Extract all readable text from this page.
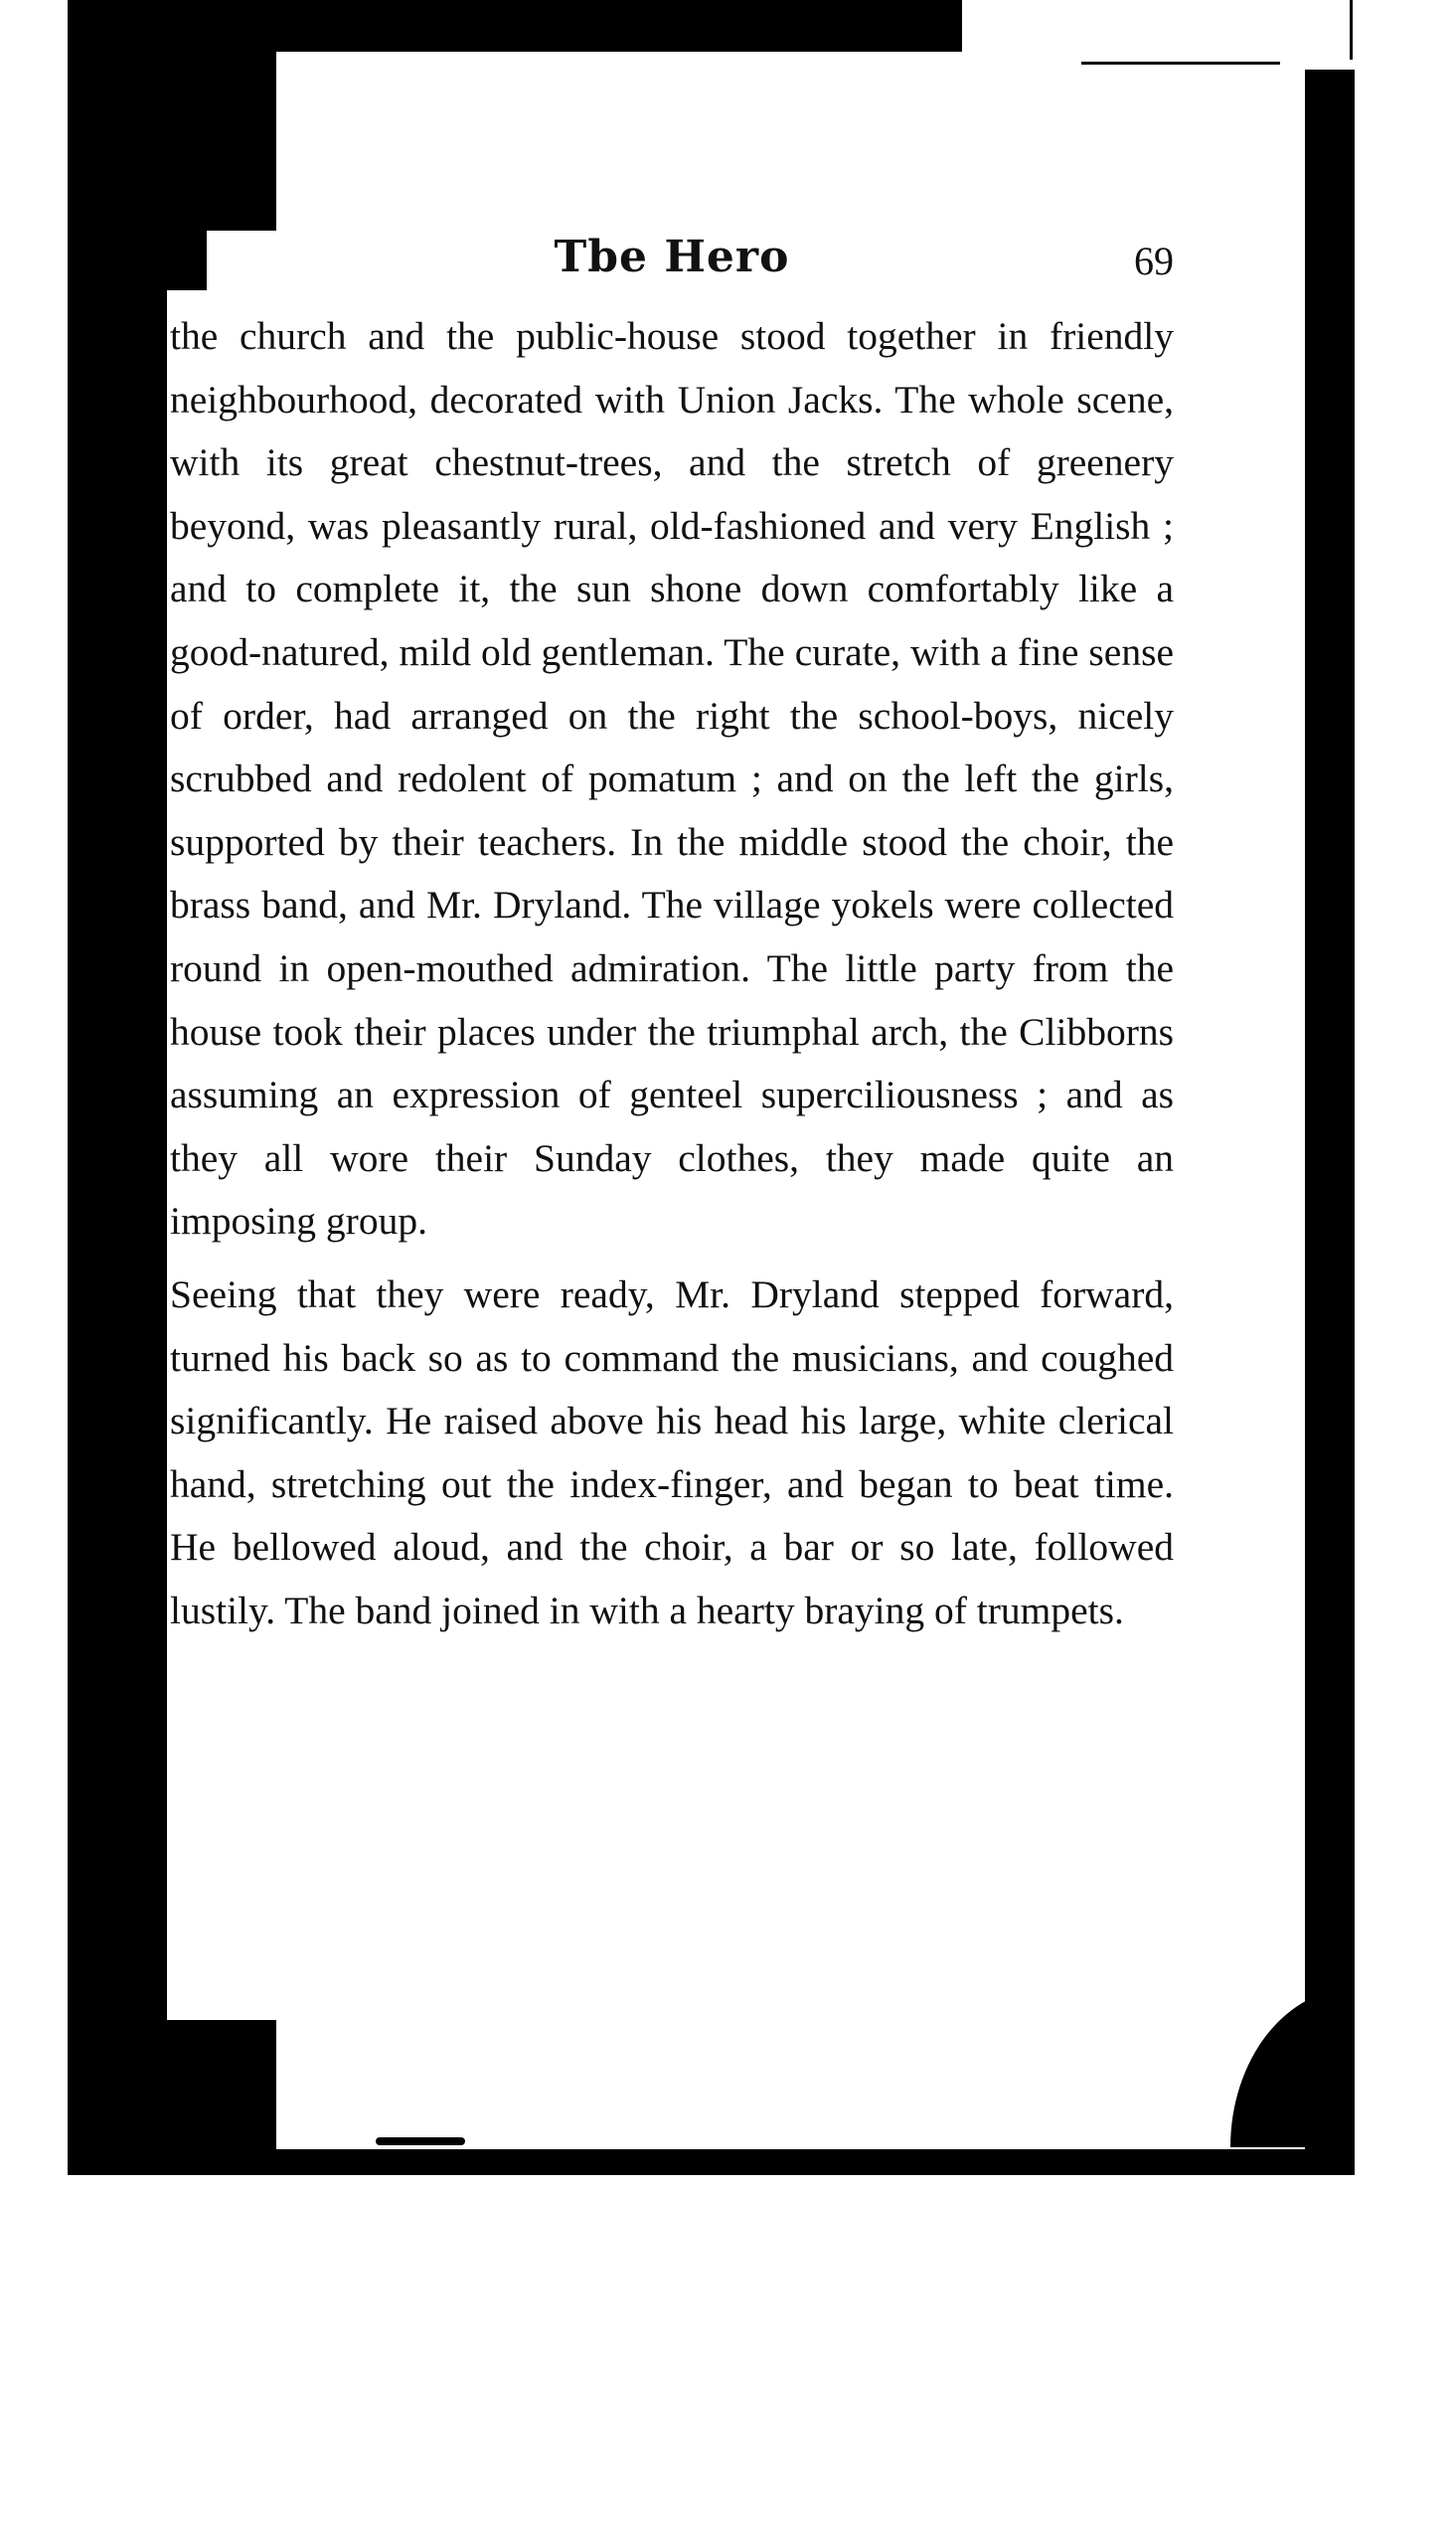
Tbe Hero	69

the church and the public-house stood together in friendly neighbourhood, decorated with Union Jacks. The whole scene, with its great chestnut-trees, and the stretch of greenery beyond, was pleasantly rural, old-fashioned and very English ; and to complete it, the sun shone down comfortably like a good-natured, mild old gentleman. The curate, with a fine sense of order, had arranged on the right the school-boys, nicely scrubbed and redolent of pomatum ; and on the left the girls, supported by their teachers. In the middle stood the choir, the brass band, and Mr. Dryland. The village yokels were collected round in open-mouthed admiration. The little party from the house took their places under the triumphal arch, the Clibborns assuming an expression of genteel superciliousness ; and as they all wore their Sunday clothes, they made quite an imposing group.

Seeing that they were ready, Mr. Dryland stepped forward, turned his back so as to command the musicians, and coughed significantly. He raised above his head his large, white clerical hand, stretching out the index-finger, and began to beat time. He bellowed aloud, and the choir, a bar or so late, followed lustily. The band joined in with a hearty braying of trumpets.
